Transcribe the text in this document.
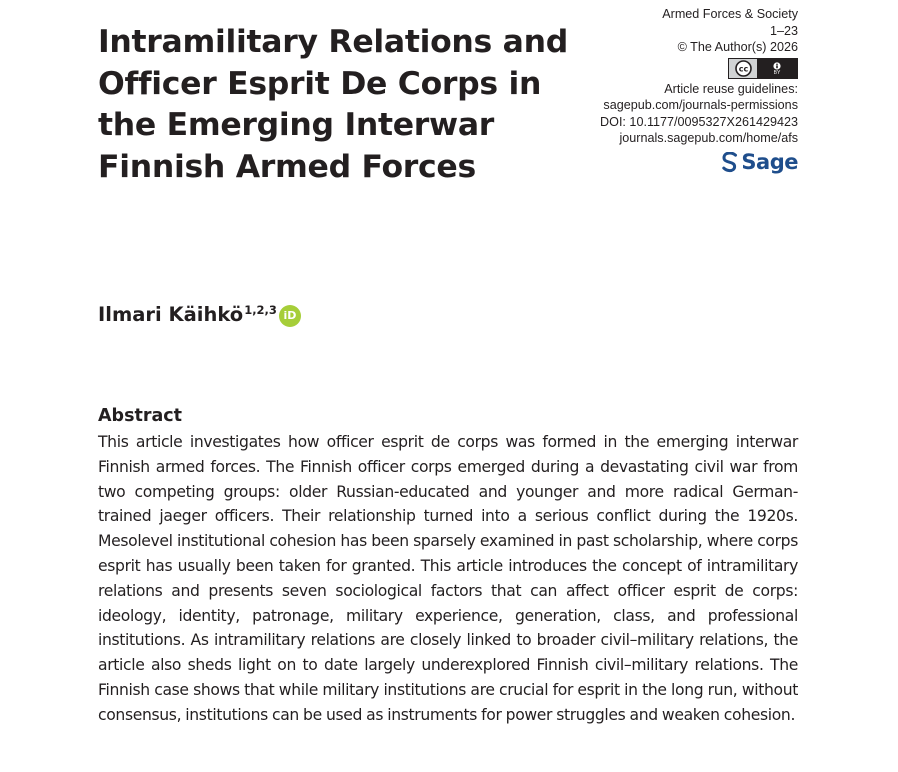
Intramilitary Relations and Officer Esprit De Corps in the Emerging Interwar Finnish Armed Forces
Armed Forces & Society
1–23
© The Author(s) 2026
cc	BY
Article reuse guidelines:
sagepub.com/journals-permissions
DOI: 10.1177/0095327X261429423
journals.sagepub.com/home/afs
Sage
Ilmari Käihkö$^{1,2,3}$ iD
Abstract

This article investigates how officer esprit de corps was formed in the emerging interwar Finnish armed forces. The Finnish officer corps emerged during a devastating civil war from two competing groups: older Russian-educated and younger and more radical German-trained jaeger officers. Their relationship turned into a serious conflict during the 1920s. Mesolevel institutional cohesion has been sparsely examined in past scholarship, where corps esprit has usually been taken for granted. This article introduces the concept of intramilitary relations and presents seven sociological factors that can affect officer esprit de corps: ideology, identity, patronage, military experience, generation, class, and professional institutions. As intramilitary relations are closely linked to broader civil–military relations, the article also sheds light on to date largely underexplored Finnish civil–military relations. The Finnish case shows that while military institutions are crucial for esprit in the long run, without consensus, institutions can be used as instruments for power struggles and weaken cohesion.
